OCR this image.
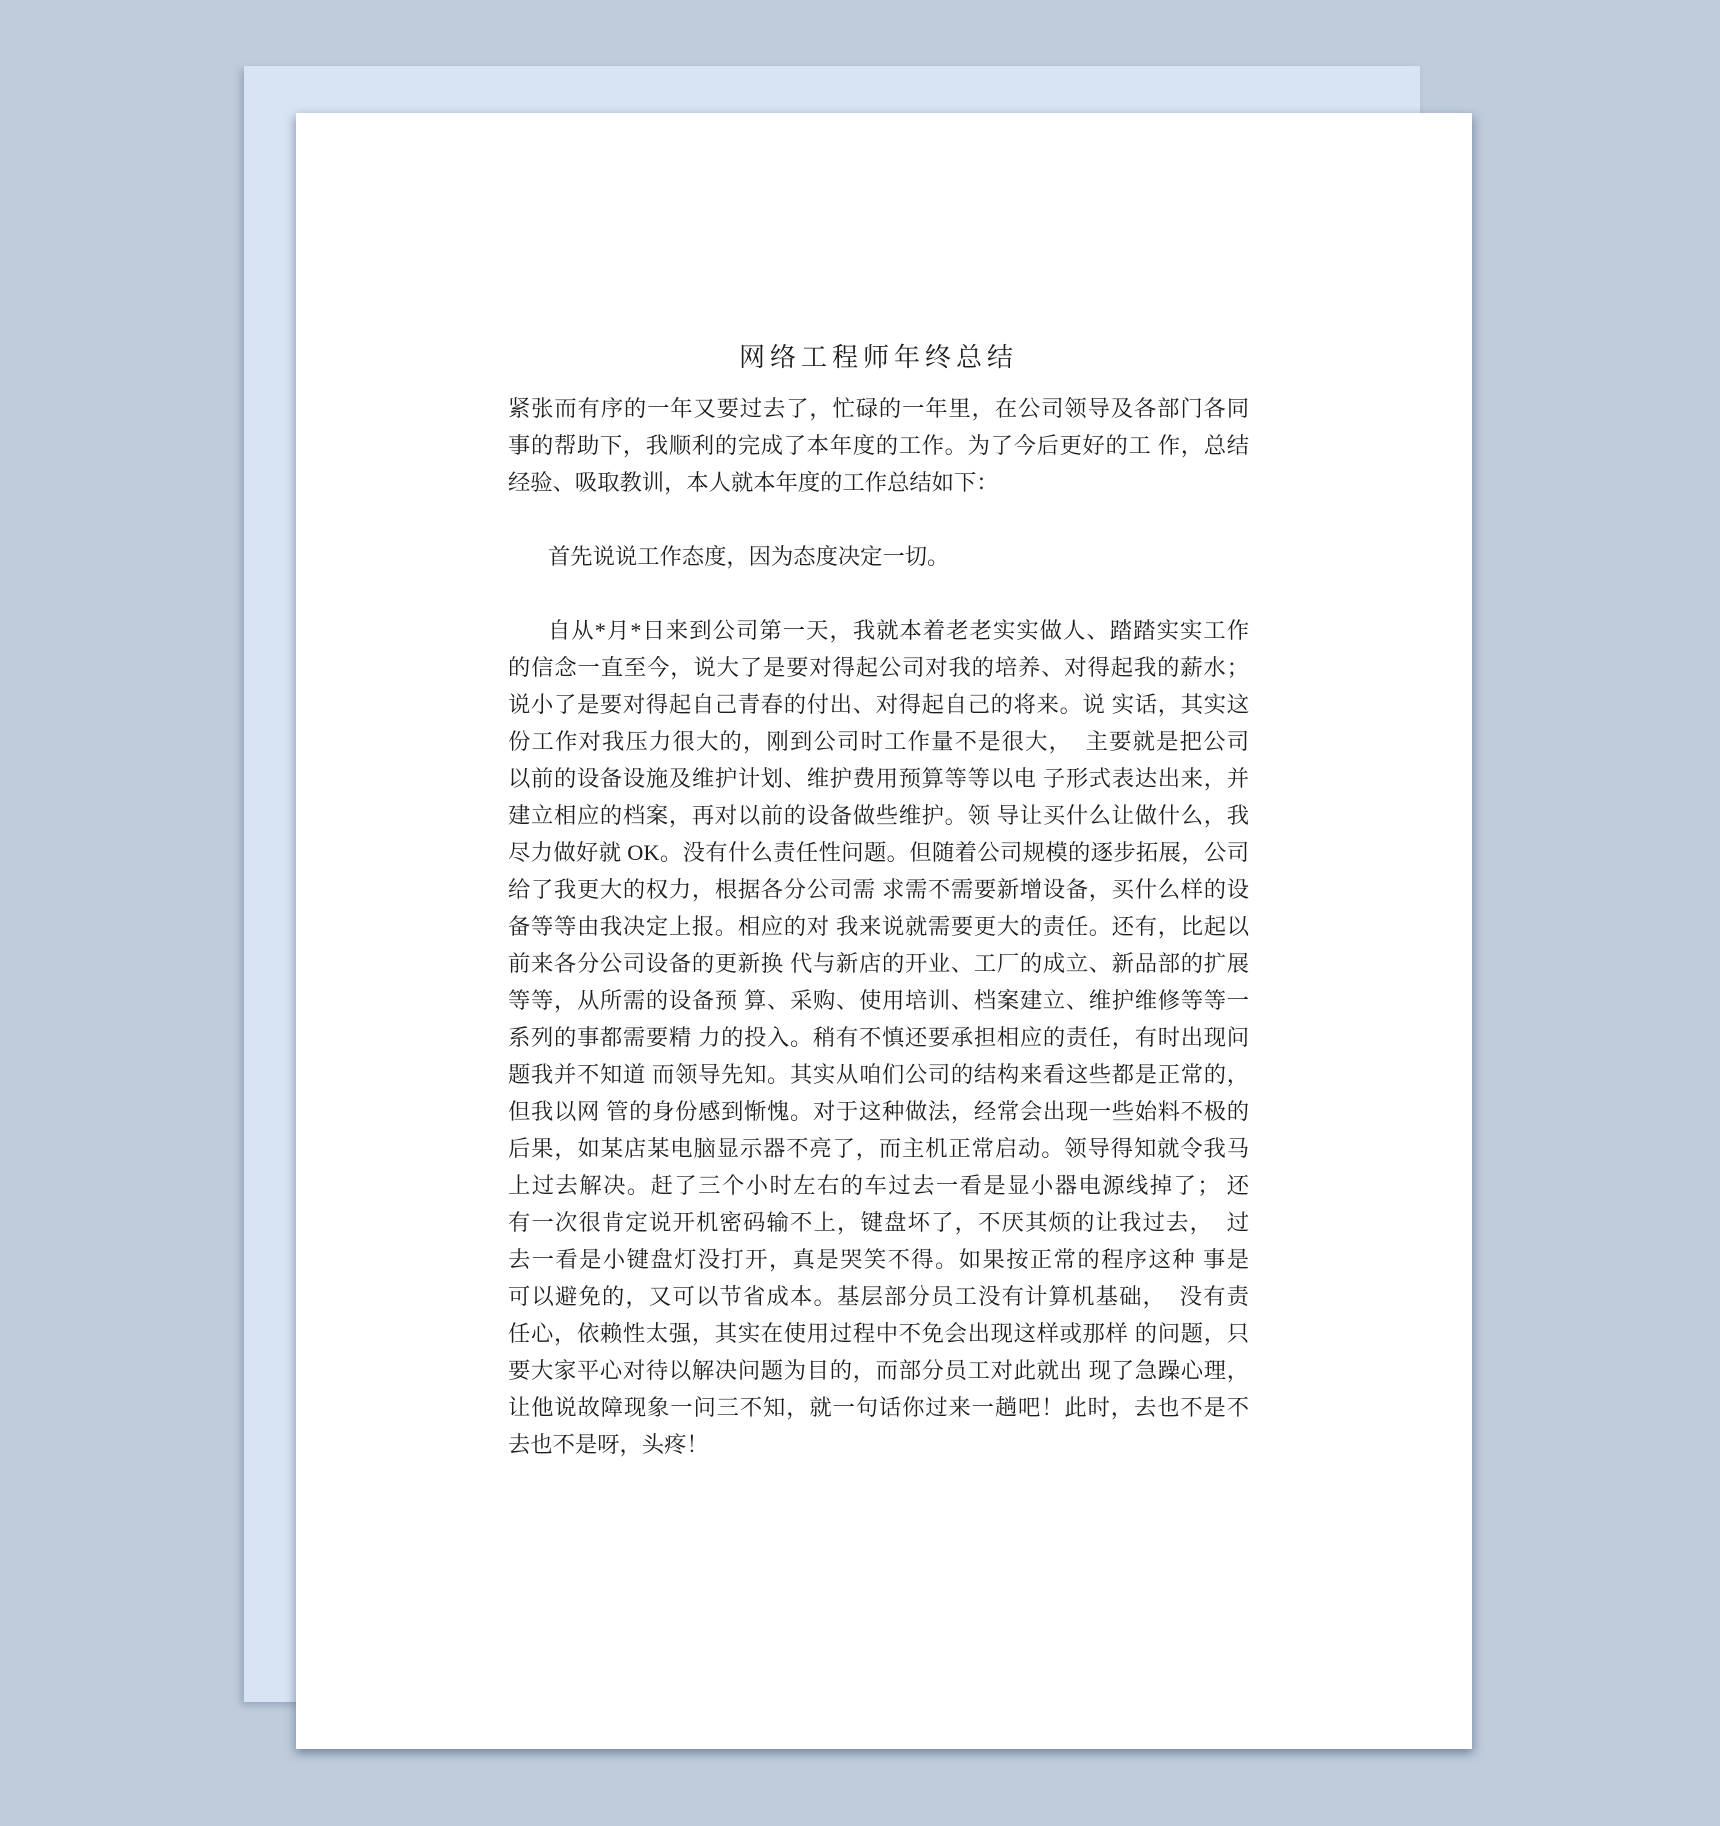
网络工程师年终总结
紧张而有序的一年又要过去了，忙碌的一年里，在公司领导及各部门各同
事的帮助下，我顺利的完成了本年度的工作。为了今后更好的工 作，总结
经验、吸取教训，本人就本年度的工作总结如下：
首先说说工作态度，因为态度决定一切。
自从*月*日来到公司第一天，我就本着老老实实做人、踏踏实实工作
的信念一直至今，说大了是要对得起公司对我的培养、对得起我的薪水；
说小了是要对得起自己青春的付出、对得起自己的将来。说 实话，其实这
份工作对我压力很大的，刚到公司时工作量不是很大，  主要就是把公司
以前的设备设施及维护计划、维护费用预算等等以电 子形式表达出来，并
建立相应的档案，再对以前的设备做些维护。领 导让买什么让做什么，我
尽力做好就 OK。没有什么责任性问题。但随着公司规模的逐步拓展，公司
给了我更大的权力，根据各分公司需 求需不需要新增设备，买什么样的设
备等等由我决定上报。相应的对 我来说就需要更大的责任。还有，比起以
前来各分公司设备的更新换 代与新店的开业、工厂的成立、新品部的扩展
等等，从所需的设备预 算、采购、使用培训、档案建立、维护维修等等一
系列的事都需要精 力的投入。稍有不慎还要承担相应的责任，有时出现问
题我并不知道 而领导先知。其实从咱们公司的结构来看这些都是正常的，
但我以网 管的身份感到惭愧。对于这种做法，经常会出现一些始料不极的
后果，如某店某电脑显示器不亮了，而主机正常启动。领导得知就令我马
上过去解决。赶了三个小时左右的车过去一看是显小器电源线掉了； 还
有一次很肯定说开机密码输不上，键盘坏了，不厌其烦的让我过去，  过
去一看是小键盘灯没打开，真是哭笑不得。如果按正常的程序这种 事是
可以避免的，又可以节省成本。基层部分员工没有计算机基础，  没有责
任心，依赖性太强，其实在使用过程中不免会出现这样或那样 的问题，只
要大家平心对待以解决问题为目的，而部分员工对此就出 现了急躁心理，
让他说故障现象一问三不知，就一句话你过来一趟吧！此时，去也不是不
去也不是呀，头疼！
